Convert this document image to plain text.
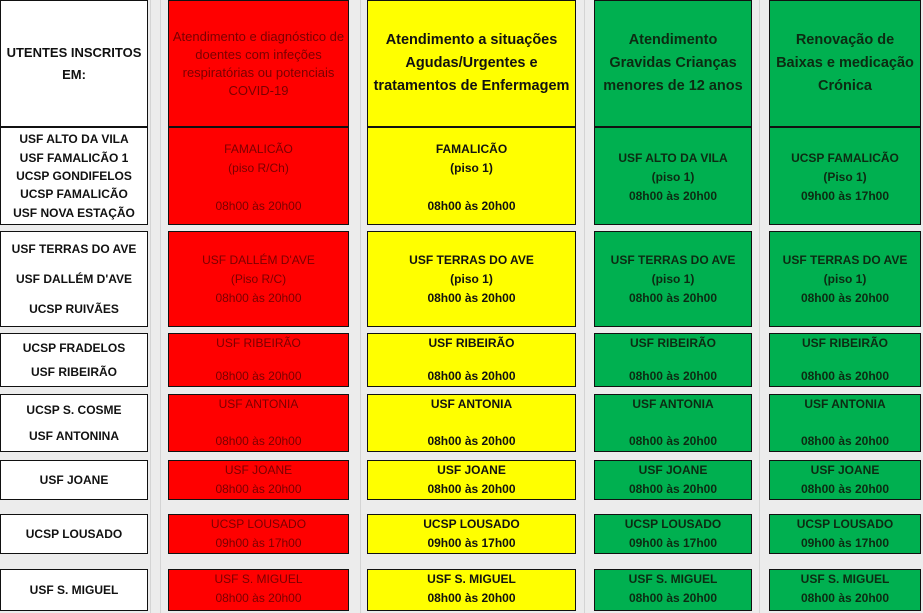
UTENTES INSCRITOS EM:
Atendimento e diagnóstico de doentes com infeções respiratórias ou potenciais COVID-19
Atendimento a situações Agudas/Urgentes e tratamentos de Enfermagem
Atendimento Gravidas Crianças menores de 12 anos
Renovação de Baixas e medicação Crónica
USF ALTO DA VILA
USF FAMALICÃO 1
UCSP GONDIFELOS
UCSP FAMALICÃO
USF NOVA ESTAÇÃO
FAMALICÃO
(piso R/Ch)
08h00 às 20h00
FAMALICÃO
(piso 1)
08h00 às 20h00
USF ALTO DA VILA
(piso 1)
08h00 às 20h00
UCSP FAMALICÃO
(Piso 1)
09h00 às 17h00
USF TERRAS DO AVE
USF DALLÉM D'AVE
UCSP RUIVÃES
USF DALLÉM D'AVE
(Piso R/C)
08h00 às 20h00
USF TERRAS DO AVE
(piso 1)
08h00 às 20h00
USF TERRAS DO AVE
(piso 1)
08h00 às 20h00
USF TERRAS DO AVE
(piso 1)
08h00 às 20h00
UCSP FRADELOS
USF RIBEIRÃO
USF RIBEIRÃO
08h00 às 20h00
USF RIBEIRÃO
08h00 às 20h00
USF RIBEIRÃO
08h00 às 20h00
USF RIBEIRÃO
08h00 às 20h00
UCSP S. COSME
USF ANTONINA
USF ANTONIA
08h00 às 20h00
USF ANTONIA
08h00 às 20h00
USF ANTONIA
08h00 às 20h00
USF ANTONIA
08h00 às 20h00
USF JOANE
USF JOANE
08h00 às 20h00
USF JOANE
08h00 às 20h00
USF JOANE
08h00 às 20h00
USF JOANE
08h00 às 20h00
UCSP LOUSADO
UCSP LOUSADO
09h00 às 17h00
UCSP LOUSADO
09h00 às 17h00
UCSP LOUSADO
09h00 às 17h00
UCSP LOUSADO
09h00 às 17h00
USF S. MIGUEL
USF S. MIGUEL
08h00 às 20h00
USF S. MIGUEL
08h00 às 20h00
USF S. MIGUEL
08h00 às 20h00
USF S. MIGUEL
08h00 às 20h00
